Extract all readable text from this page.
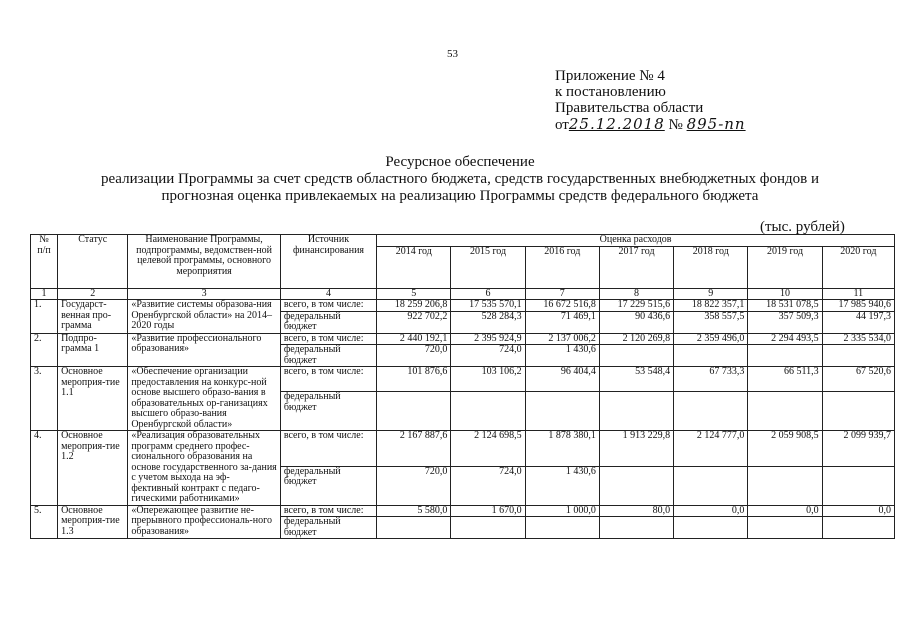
53
Приложение № 4
к постановлению
Правительства области
от25.12.2018 № 895-пп
Ресурсное обеспечение
реализации Программы за счет средств областного бюджета, средств государственных внебюджетных фондов и
прогнозная оценка привлекаемых на реализацию Программы средств федерального бюджета
(тыс. рублей)
№ п/п	Статус	Наименование Программы, подпрограммы, ведомствен-ной целевой программы, основного мероприятия	Источник финансирования	Оценка расходов						
				2014 год	2015 год	2016 год	2017 год	2018 год	2019 год	2020 год
1	2	3	4	5	6	7	8	9	10	11
1.	Государст-венная про-грамма	«Развитие системы образова-ния Оренбургской области» на 2014–2020 годы	всего, в том числе:	18 259 206,8	17 535 570,1	16 672 516,8	17 229 515,6	18 822 357,1	18 531 078,5	17 985 940,6
			федеральный бюджет	922 702,2	528 284,3	71 469,1	90 436,6	358 557,5	357 509,3	44 197,3
2.	Подпро-грамма 1	«Развитие профессионального образования»	всего, в том числе:	2 440 192,1	2 395 924,9	2 137 006,2	2 120 269,8	2 359 496,0	2 294 493,5	2 335 534,0
			федеральный бюджет	720,0	724,0	1 430,6				
3.	Основное мероприя-тие 1.1	«Обеспечение организации предоставления на конкурс-ной основе высшего образо-вания в образовательных ор-ганизациях высшего образо-вания Оренбургской области»	всего, в том числе:	101 876,6	103 106,2	96 404,4	53 548,4	67 733,3	66 511,3	67 520,6
			федеральный бюджет							
4.	Основное мероприя-тие 1.2	«Реализация образовательных программ среднего профес-сионального образования на основе государственного за-дания с учетом выхода на эф-фективный контракт с педаго-гическими работниками»	всего, в том числе:	2 167 887,6	2 124 698,5	1 878 380,1	1 913 229,8	2 124 777,0	2 059 908,5	2 099 939,7
			федеральный бюджет	720,0	724,0	1 430,6				
5.	Основное мероприя-тие 1.3	«Опережающее развитие не-прерывного профессиональ-ного образования»	всего, в том числе:	5 580,0	1 670,0	1 000,0	80,0	0,0	0,0	0,0
			федеральный бюджет							
